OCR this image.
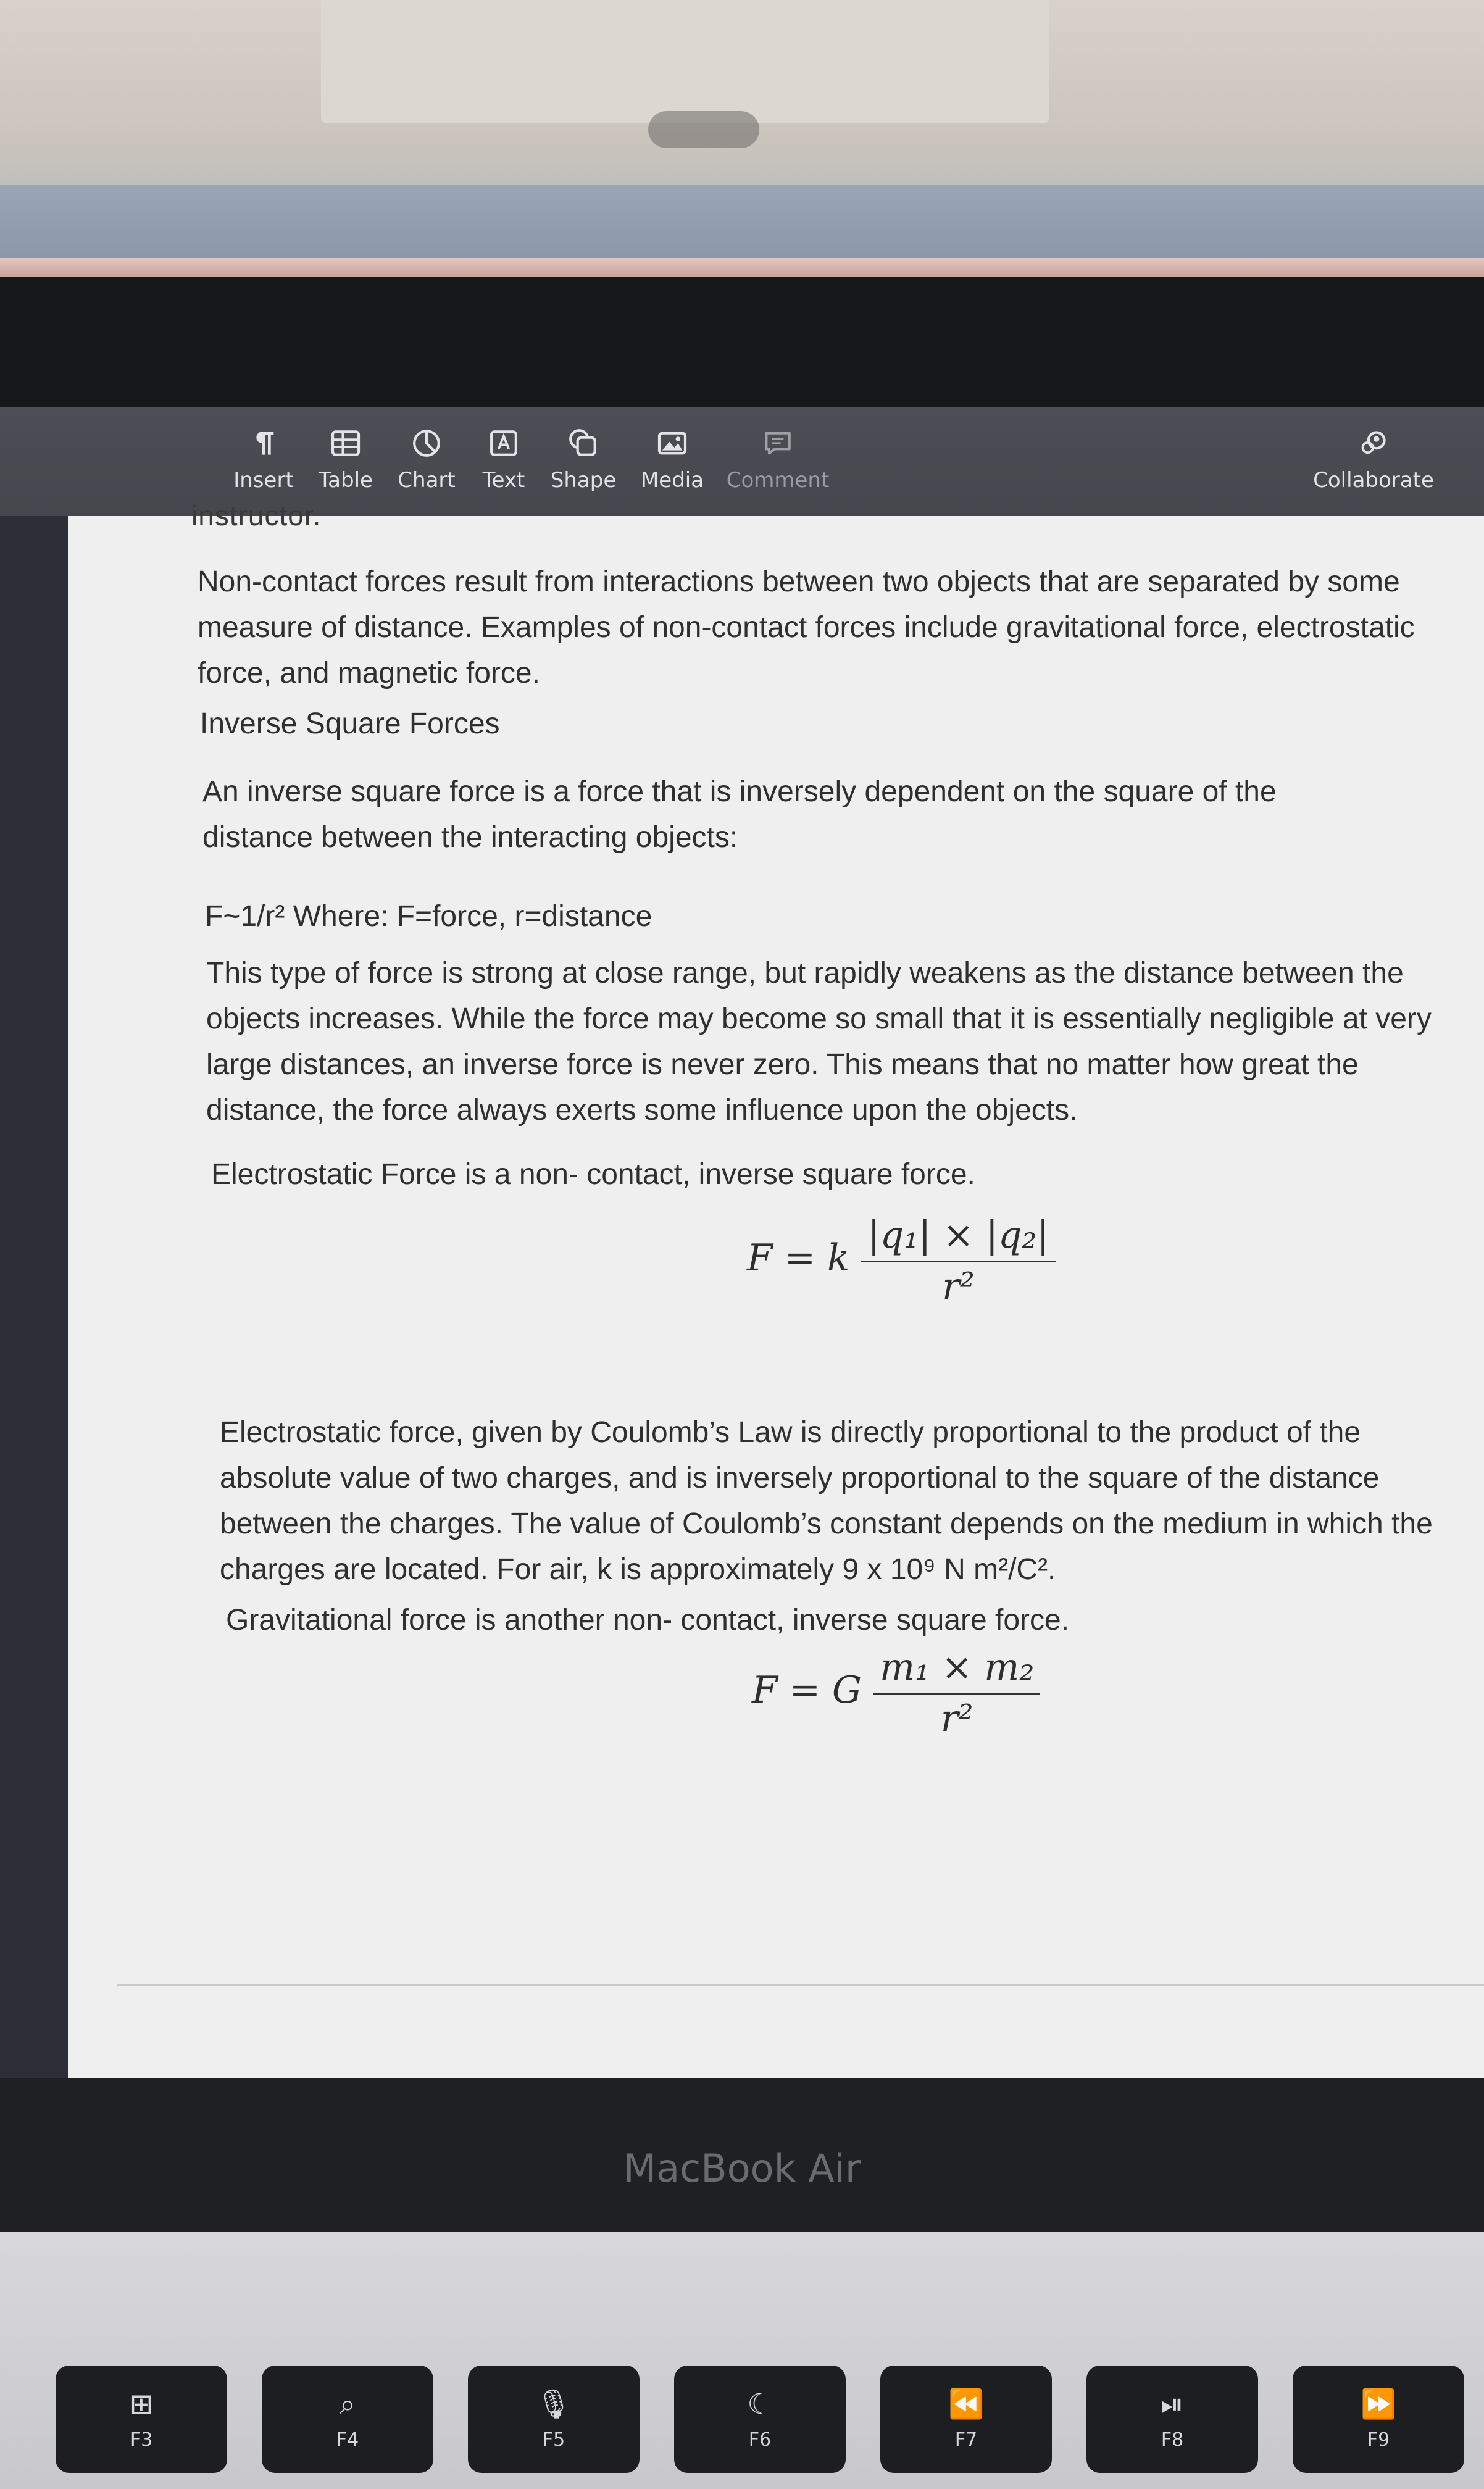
Insert Table Chart Text Shape Media Comment	Collaborate
instructor.

Non-contact forces result from interactions between two objects that are separated by some measure of distance. Examples of non-contact forces include gravitational force, electrostatic force, and magnetic force.

Inverse Square Forces

An inverse square force is a force that is inversely dependent on the square of the distance between the interacting objects:

F~1/r² Where: F=force, r=distance

This type of force is strong at close range, but rapidly weakens as the distance between the objects increases. While the force may become so small that it is essentially negligible at very large distances, an inverse force is never zero. This means that no matter how great the distance, the force always exerts some influence upon the objects.

Electrostatic Force is a non- contact, inverse square force.

F = k $\frac{\text{|q₁| × |q₂|}}{\text{r²}}$

Electrostatic force, given by Coulomb’s Law is directly proportional to the product of the absolute value of two charges, and is inversely proportional to the square of the distance between the charges. The value of Coulomb’s constant depends on the medium in which the charges are located. For air, k is approximately 9 x 10⁹ N m²/C².

Gravitational force is another non- contact, inverse square force.

F = G $\frac{\text{m₁ × m₂}}{\text{r²}}$
MacBook Air
⊞
F3
⌕
F4
🎙
F5
☾
F6
⏪
F7
⏯
F8
⏩
F9
